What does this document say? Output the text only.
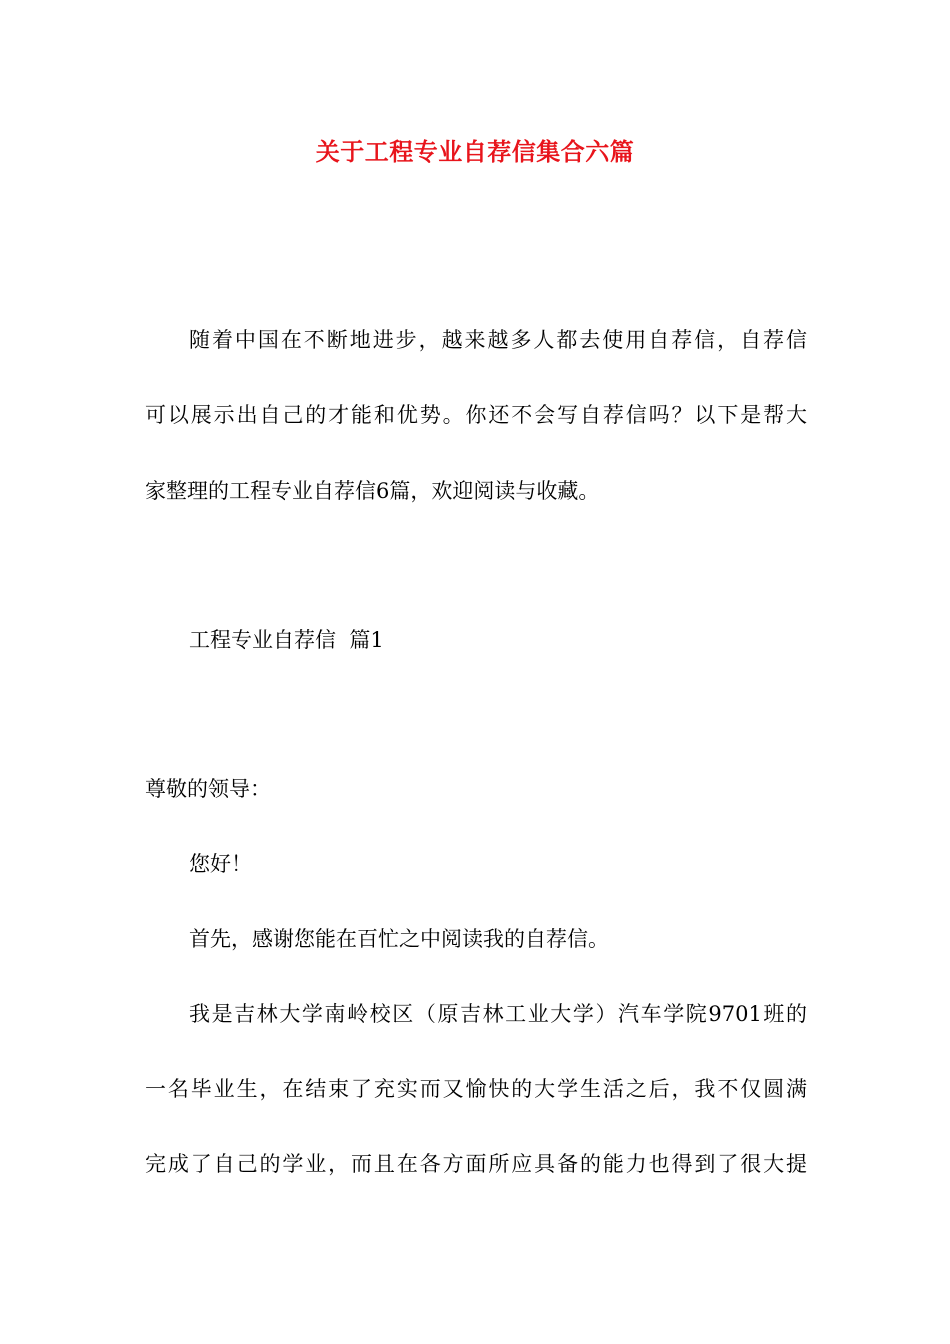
关于工程专业自荐信集合六篇
随着中国在不断地进步，越来越多人都去使用自荐信，自荐信
可以展示出自己的才能和优势。你还不会写自荐信吗？以下是帮大
家整理的工程专业自荐信6篇，欢迎阅读与收藏。
工程专业自荐信  篇1
尊敬的领导：
您好！
首先，感谢您能在百忙之中阅读我的自荐信。
我是吉林大学南岭校区（原吉林工业大学）汽车学院9701班的
一名毕业生，在结束了充实而又愉快的大学生活之后，我不仅圆满
完成了自己的学业，而且在各方面所应具备的能力也得到了很大提
